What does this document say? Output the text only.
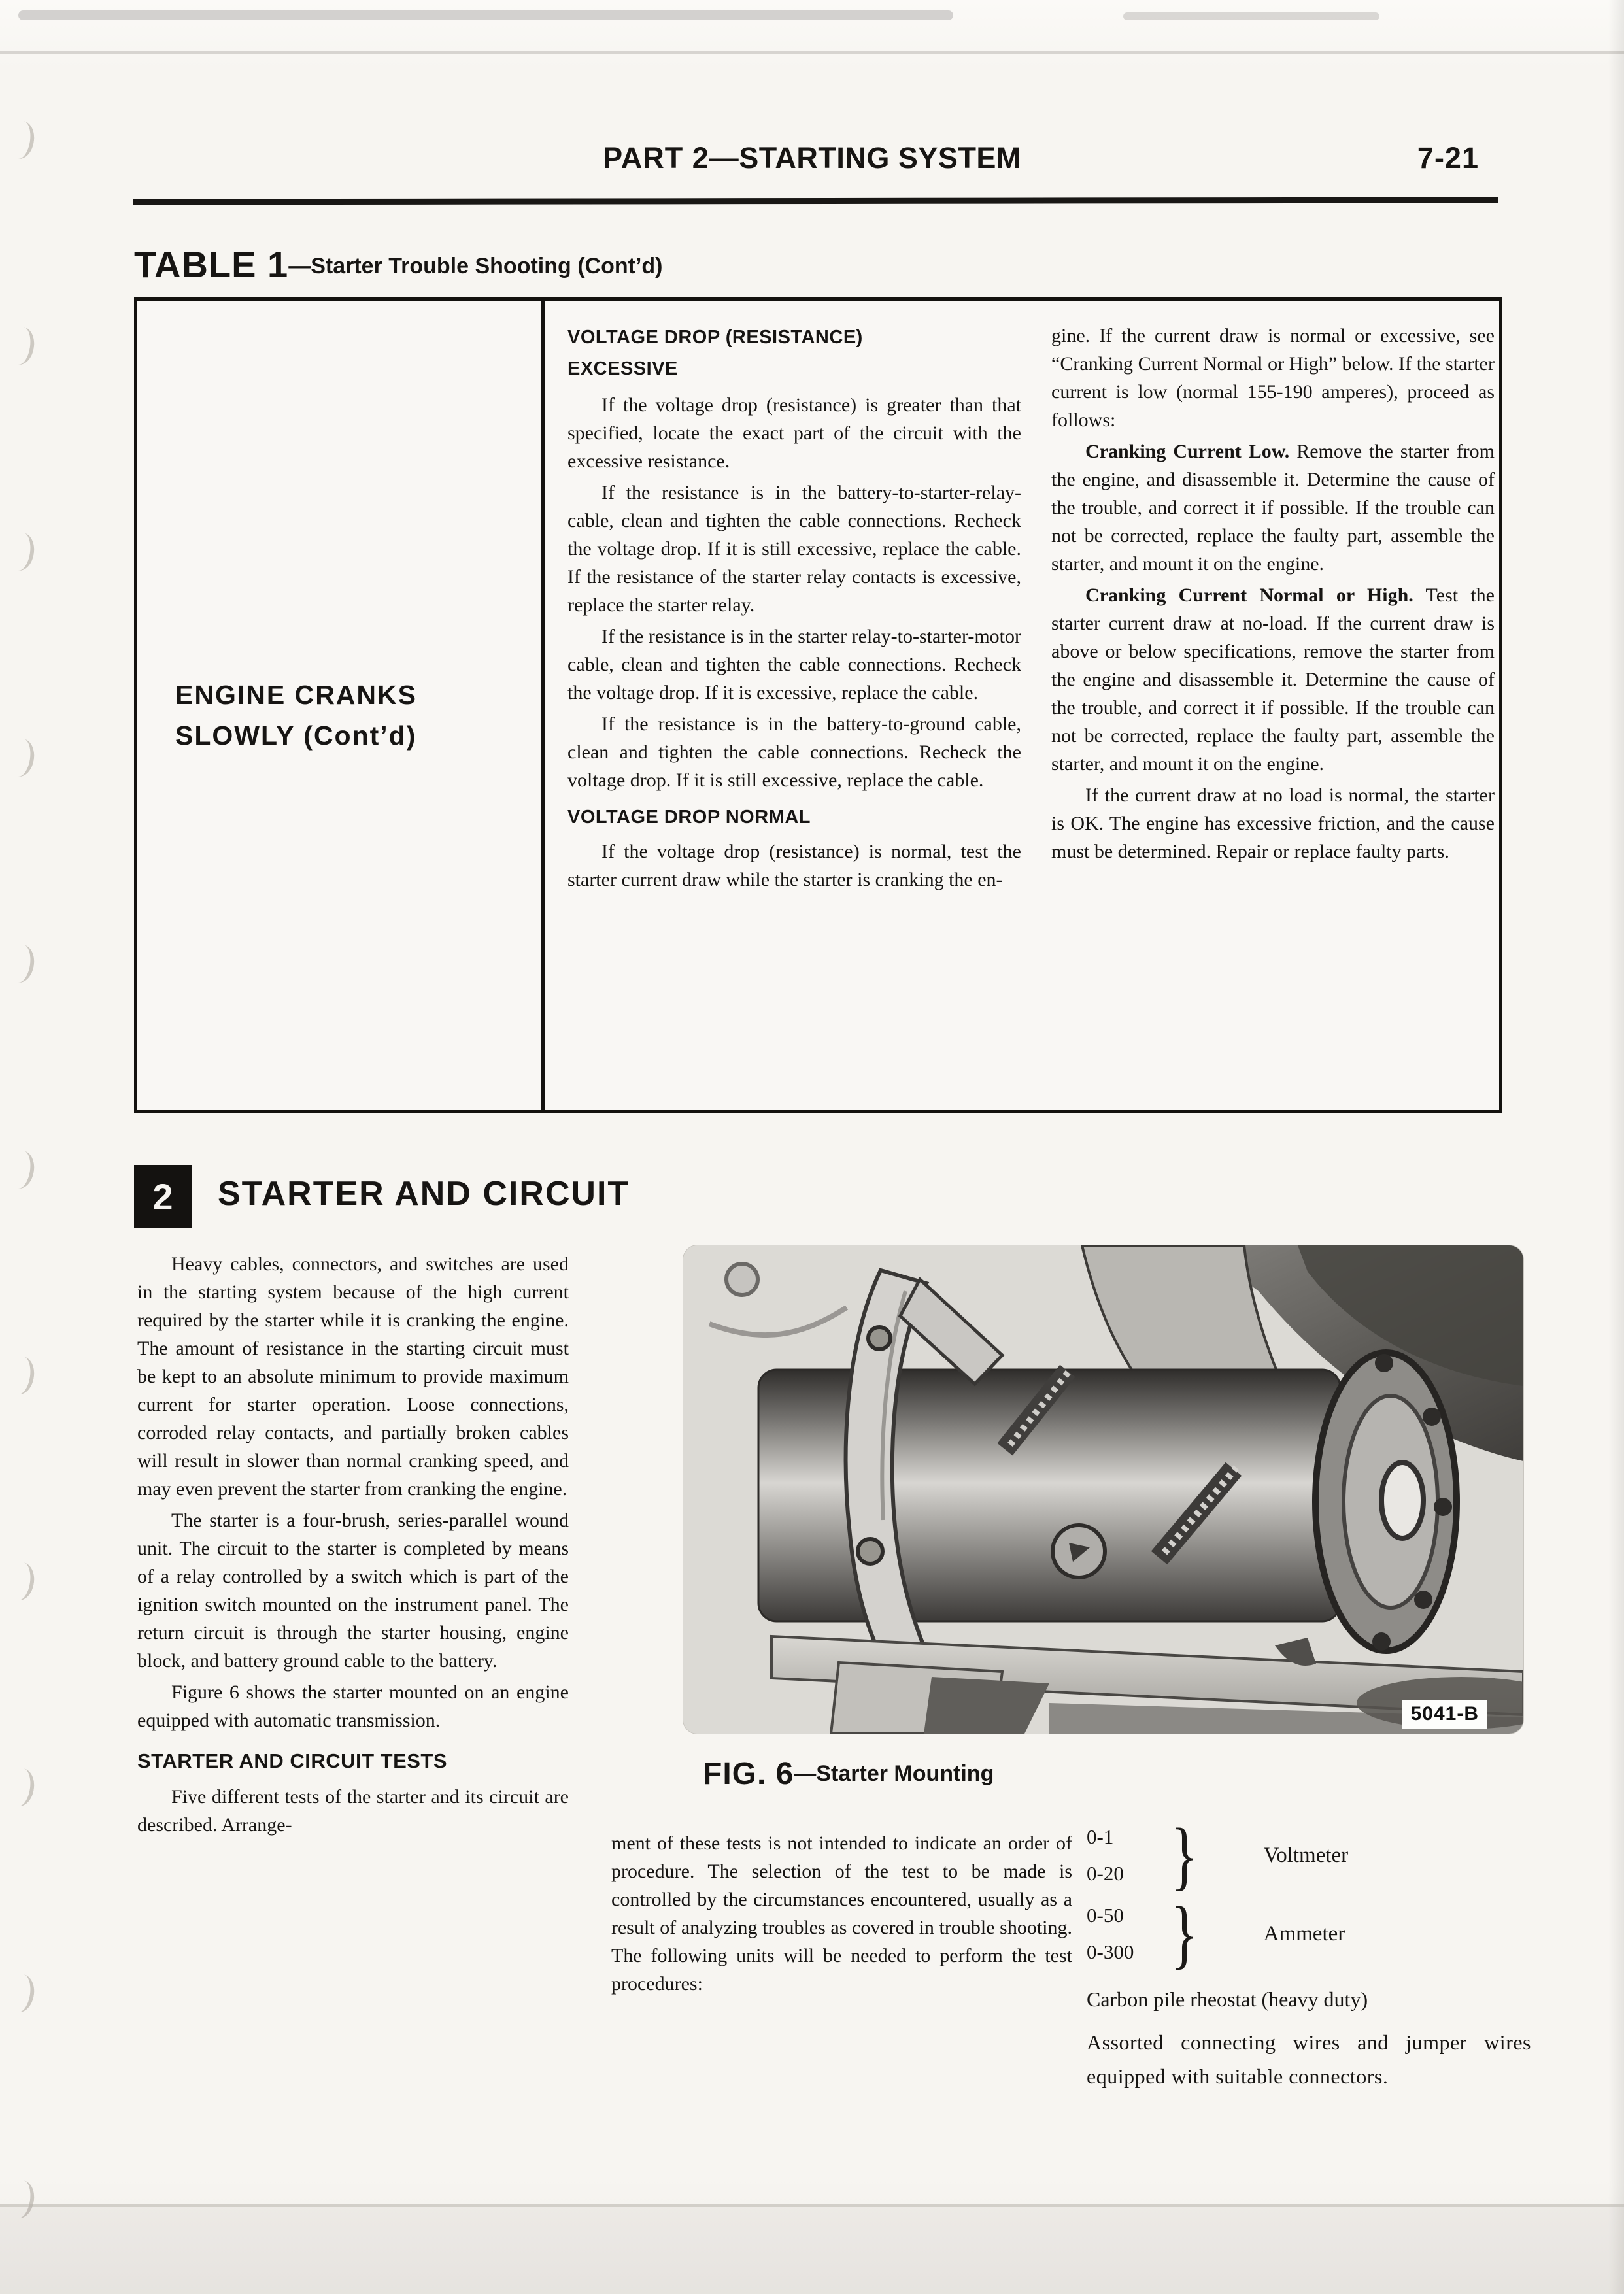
PART 2—STARTING SYSTEM	7-21
TABLE 1—Starter Trouble Shooting (Cont’d)
ENGINE CRANKS
SLOWLY (Cont’d)
VOLTAGE DROP (RESISTANCE)
EXCESSIVE

If the voltage drop (resistance) is greater than that specified, locate the exact part of the circuit with the excessive resistance.

If the resistance is in the battery-to-starter-relay-cable, clean and tighten the cable connections. Recheck the voltage drop. If it is still excessive, replace the cable. If the resistance of the starter relay contacts is excessive, replace the starter relay.

If the resistance is in the starter relay-to-starter-motor cable, clean and tighten the cable connections. Recheck the voltage drop. If it is excessive, replace the cable.

If the resistance is in the battery-to-ground cable, clean and tighten the cable connections. Recheck the voltage drop. If it is still excessive, replace the cable.

VOLTAGE DROP NORMAL

If the voltage drop (resistance) is normal, test the starter current draw while the starter is cranking the en-

gine. If the current draw is normal or excessive, see “Cranking Current Normal or High” below. If the starter current is low (normal 155-190 amperes), proceed as follows:

Cranking Current Low. Remove the starter from the engine, and disassemble it. Determine the cause of the trouble, and correct it if possible. If the trouble can not be corrected, replace the faulty part, assemble the starter, and mount it on the engine.

Cranking Current Normal or High. Test the starter current draw at no-load. If the current draw is above or below specifications, remove the starter from the engine and disassemble it. Determine the cause of the trouble, and correct it if possible. If the trouble can not be corrected, replace the faulty part, assemble the starter, and mount it on the engine.

If the current draw at no load is normal, the starter is OK. The engine has excessive friction, and the cause must be determined. Repair or replace faulty parts.

2 STARTER AND CIRCUIT

Heavy cables, connectors, and switches are used in the starting system because of the high current required by the starter while it is cranking the engine. The amount of resistance in the starting circuit must be kept to an absolute minimum to provide maximum current for starter operation. Loose connections, corroded relay contacts, and partially broken cables will result in slower than normal cranking speed, and may even prevent the starter from cranking the engine.

The starter is a four-brush, series-parallel wound unit. The circuit to the starter is completed by means of a relay controlled by a switch which is part of the ignition switch mounted on the instrument panel. The return circuit is through the starter housing, engine block, and battery ground cable to the battery.

Figure 6 shows the starter mounted on an engine equipped with automatic transmission.

STARTER AND CIRCUIT TESTS

Five different tests of the starter and its circuit are described. Arrange-

5041-B
FIG. 6—Starter Mounting

ment of these tests is not intended to indicate an order of procedure. The selection of the test to be made is controlled by the circumstances encountered, usually as a result of analyzing troubles as covered in trouble shooting. The following units will be needed to perform the test procedures:

0-1
0-20 }	Voltmeter
0-50
0-300 }	Ammeter
Carbon pile rheostat (heavy duty)
Assorted connecting wires and jumper wires equipped with suitable connectors.
